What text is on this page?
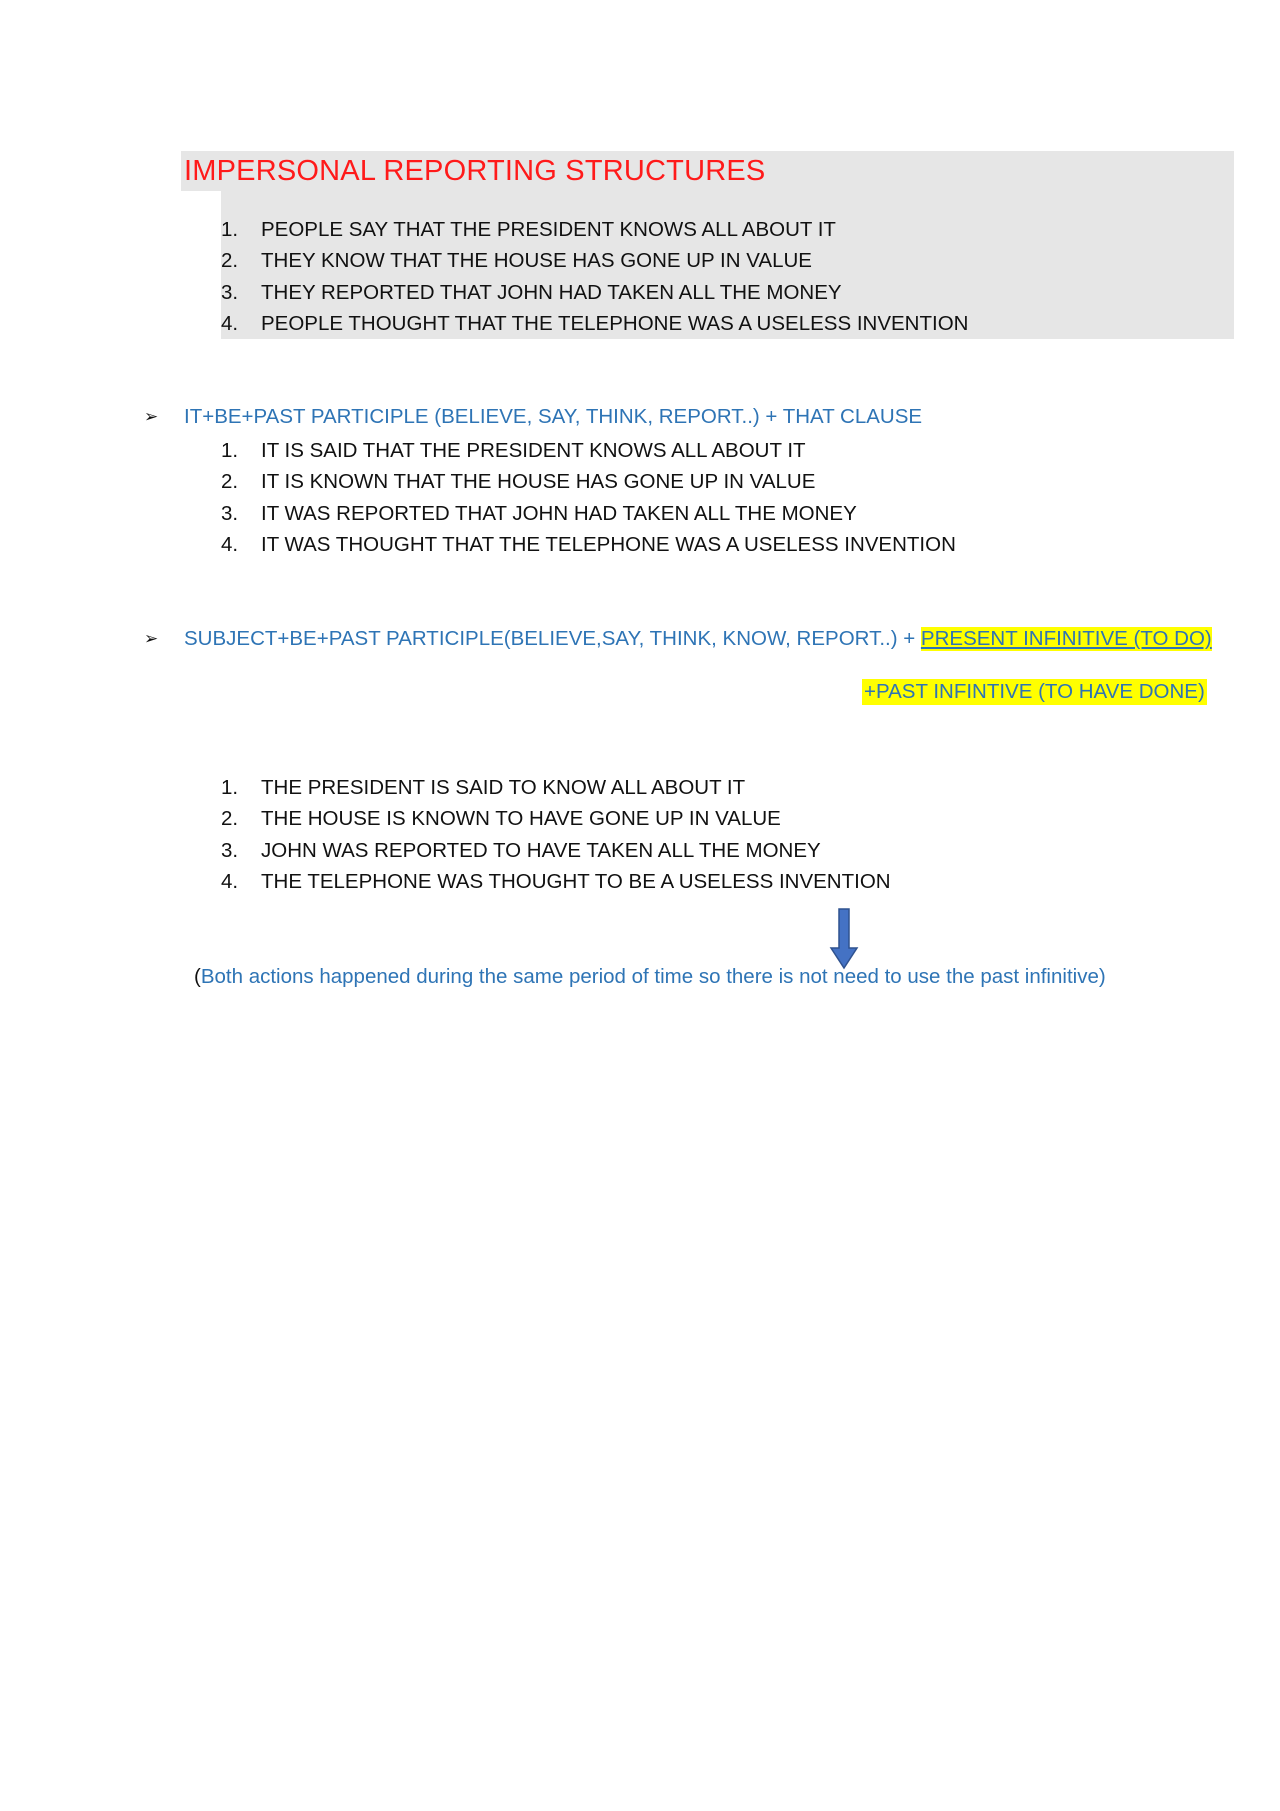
IMPERSONAL REPORTING STRUCTURES
1.	PEOPLE SAY THAT THE PRESIDENT KNOWS ALL ABOUT IT
2.	THEY KNOW THAT THE HOUSE HAS GONE UP IN VALUE
3.	THEY REPORTED THAT JOHN HAD TAKEN ALL THE MONEY
4.	PEOPLE THOUGHT THAT THE TELEPHONE WAS A USELESS INVENTION
➢	IT+BE+PAST PARTICIPLE (BELIEVE, SAY, THINK, REPORT..) + THAT CLAUSE
1.	IT IS SAID THAT THE PRESIDENT KNOWS ALL ABOUT IT
2.	IT IS KNOWN THAT THE HOUSE HAS GONE UP IN VALUE
3.	IT WAS REPORTED THAT JOHN HAD TAKEN ALL THE MONEY
4.	IT WAS THOUGHT THAT THE TELEPHONE WAS A USELESS INVENTION
➢	SUBJECT+BE+PAST PARTICIPLE(BELIEVE,SAY, THINK, KNOW, REPORT..) + PRESENT INFINITIVE (TO DO)
+PAST INFINTIVE (TO HAVE DONE)
1.	THE PRESIDENT IS SAID TO KNOW ALL ABOUT IT
2.	THE HOUSE IS KNOWN TO HAVE GONE UP IN VALUE
3.	JOHN WAS REPORTED TO HAVE TAKEN ALL THE MONEY
4.	THE TELEPHONE WAS THOUGHT TO BE A USELESS INVENTION
(Both actions happened during the same period of time so there is not need to use the past infinitive)
